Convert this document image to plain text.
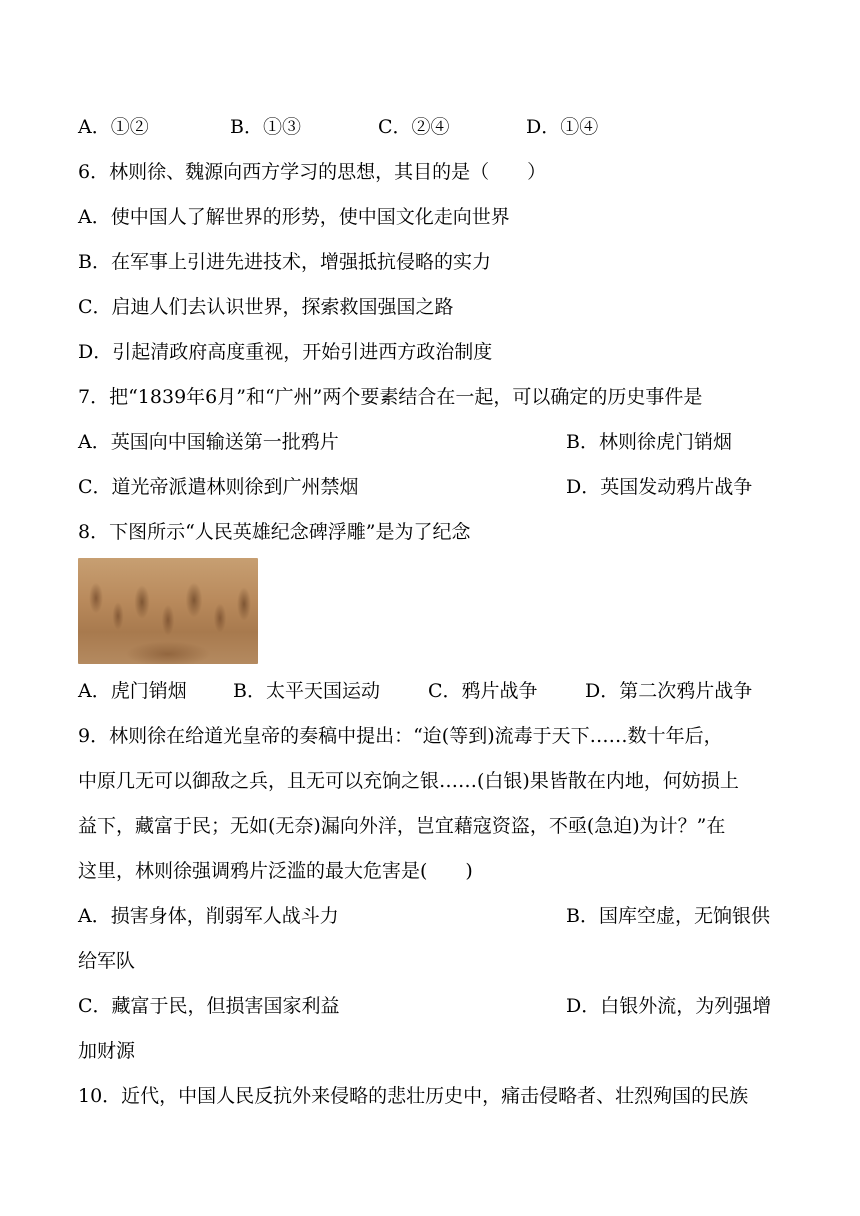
A．①②	B．①③	C．②④	D．①④
6．林则徐、魏源向西方学习的思想，其目的是（　　）
A．使中国人了解世界的形势，使中国文化走向世界
B．在军事上引进先进技术，增强抵抗侵略的实力
C．启迪人们去认识世界，探索救国强国之路
D．引起清政府高度重视，开始引进西方政治制度
7．把“1839年6月”和“广州”两个要素结合在一起，可以确定的历史事件是
A．英国向中国输送第一批鸦片	B．林则徐虎门销烟
C．道光帝派遣林则徐到广州禁烟	D．英国发动鸦片战争
8．下图所示“人民英雄纪念碑浮雕”是为了纪念
A．虎门销烟 B．太平天国运动	C．鸦片战争 D．第二次鸦片战争
9．林则徐在给道光皇帝的奏稿中提出：“迨(等到)流毒于天下……数十年后，
中原几无可以御敌之兵，且无可以充饷之银……(白银)果皆散在内地，何妨损上
益下，藏富于民；无如(无奈)漏向外洋，岂宜藉寇资盗，不亟(急迫)为计？”在
这里，林则徐强调鸦片泛滥的最大危害是(　　)
A．损害身体，削弱军人战斗力	B．国库空虚，无饷银供
给军队
C．藏富于民，但损害国家利益	D．白银外流，为列强增
加财源
10．近代，中国人民反抗外来侵略的悲壮历史中，痛击侵略者、壮烈殉国的民族
